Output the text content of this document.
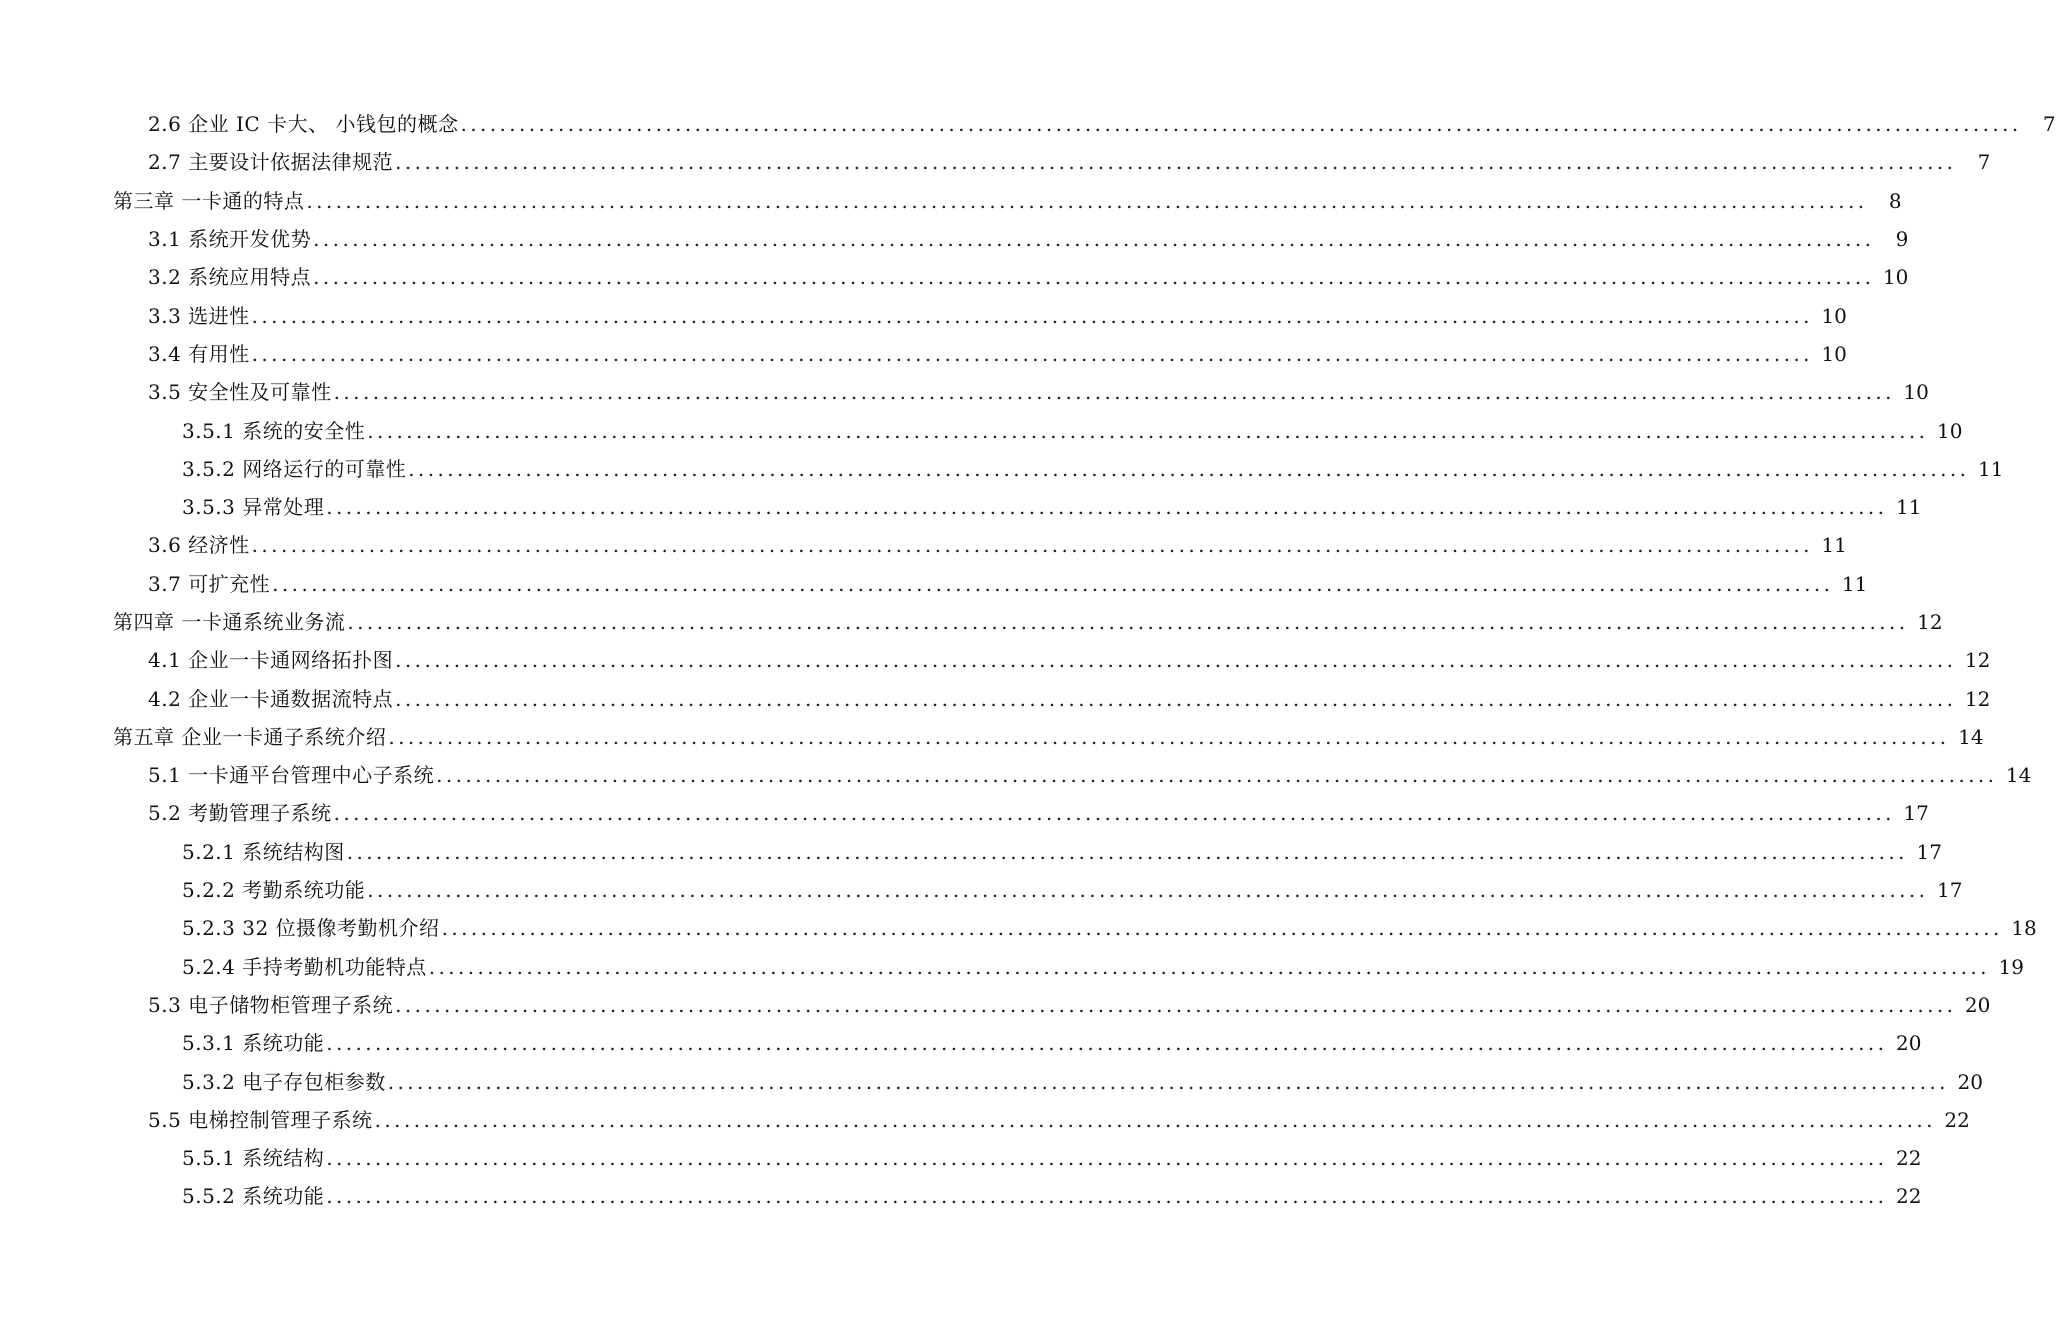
2.6 企业 IC 卡大、 小钱包的概念 ................................................................................................................................................................	7
2.7 主要设计依据法律规范 ................................................................................................................................................................	7
第三章 一卡通的特点 ................................................................................................................................................................	8
3.1 系统开发优势 ................................................................................................................................................................	9
3.2 系统应用特点 ................................................................................................................................................................ 10
3.3 选进性 ................................................................................................................................................................ 10
3.4 有用性 ................................................................................................................................................................ 10
3.5 安全性及可靠性 ................................................................................................................................................................ 10
3.5.1 系统的安全性 ................................................................................................................................................................ 10
3.5.2 网络运行的可靠性 ................................................................................................................................................................ 11
3.5.3 异常处理 ................................................................................................................................................................ 11
3.6 经济性 ................................................................................................................................................................ 11
3.7 可扩充性 ................................................................................................................................................................ 11
第四章 一卡通系统业务流 ................................................................................................................................................................ 12
4.1 企业一卡通网络拓扑图 ................................................................................................................................................................ 12
4.2 企业一卡通数据流特点 ................................................................................................................................................................ 12
第五章 企业一卡通子系统介绍 ................................................................................................................................................................ 14
5.1 一卡通平台管理中心子系统 ................................................................................................................................................................ 14
5.2 考勤管理子系统 ................................................................................................................................................................ 17
5.2.1 系统结构图 ................................................................................................................................................................ 17
5.2.2 考勤系统功能 ................................................................................................................................................................ 17
5.2.3 32 位摄像考勤机介绍 ................................................................................................................................................................ 18
5.2.4 手持考勤机功能特点 ................................................................................................................................................................ 19
5.3 电子储物柜管理子系统 ................................................................................................................................................................ 20
5.3.1 系统功能 ................................................................................................................................................................ 20
5.3.2 电子存包柜参数 ................................................................................................................................................................ 20
5.5 电梯控制管理子系统 ................................................................................................................................................................ 22
5.5.1 系统结构 ................................................................................................................................................................ 22
5.5.2 系统功能 ................................................................................................................................................................ 22
